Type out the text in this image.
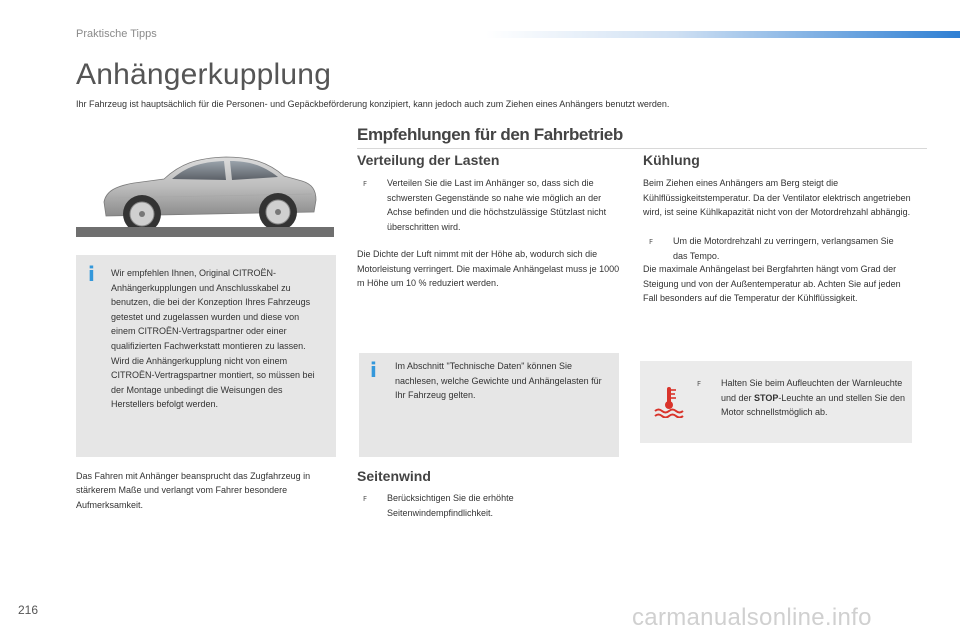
Praktische Tipps
Anhängerkupplung
Ihr Fahrzeug ist hauptsächlich für die Personen- und Gepäckbeförderung konzipiert, kann jedoch auch zum Ziehen eines Anhängers benutzt werden.
i Wir empfehlen Ihnen, Original CITROËN-Anhängerkupplungen und Anschlusskabel zu benutzen, die bei der Konzeption Ihres Fahrzeugs getestet und zugelassen wurden und diese von einem CITROËN-Vertragspartner oder einer qualifizierten Fachwerkstatt montieren zu lassen. Wird die Anhängerkupplung nicht von einem CITROËN-Vertragspartner montiert, so müssen bei der Montage unbedingt die Weisungen des Herstellers befolgt werden.
Das Fahren mit Anhänger beansprucht das Zugfahrzeug in stärkerem Maße und verlangt vom Fahrer besondere Aufmerksamkeit.
Empfehlungen für den Fahrbetrieb
Verteilung der Lasten
F	Verteilen Sie die Last im Anhänger so, dass sich die schwersten Gegenstände so nahe wie möglich an der Achse befinden und die höchstzulässige Stützlast nicht überschritten wird.
Die Dichte der Luft nimmt mit der Höhe ab, wodurch sich die Motorleistung verringert. Die maximale Anhängelast muss je 1000 m Höhe um 10 % reduziert werden.
i Im Abschnitt "Technische Daten" können Sie nachlesen, welche Gewichte und Anhängelasten für Ihr Fahrzeug gelten.
Seitenwind
F	Berücksichtigen Sie die erhöhte Seitenwindempfindlichkeit.
Kühlung
Beim Ziehen eines Anhängers am Berg steigt die Kühlflüssigkeitstemperatur. Da der Ventilator elektrisch angetrieben wird, ist seine Kühlkapazität nicht von der Motordrehzahl abhängig.
F	Um die Motordrehzahl zu verringern, verlangsamen Sie das Tempo.
Die maximale Anhängelast bei Bergfahrten hängt vom Grad der Steigung und von der Außentemperatur ab. Achten Sie auf jeden Fall besonders auf die Temperatur der Kühlflüssigkeit.
F	Halten Sie beim Aufleuchten der Warnleuchte und der STOP-Leuchte an und stellen Sie den Motor schnellstmöglich ab.
216	carmanualsonline.info
